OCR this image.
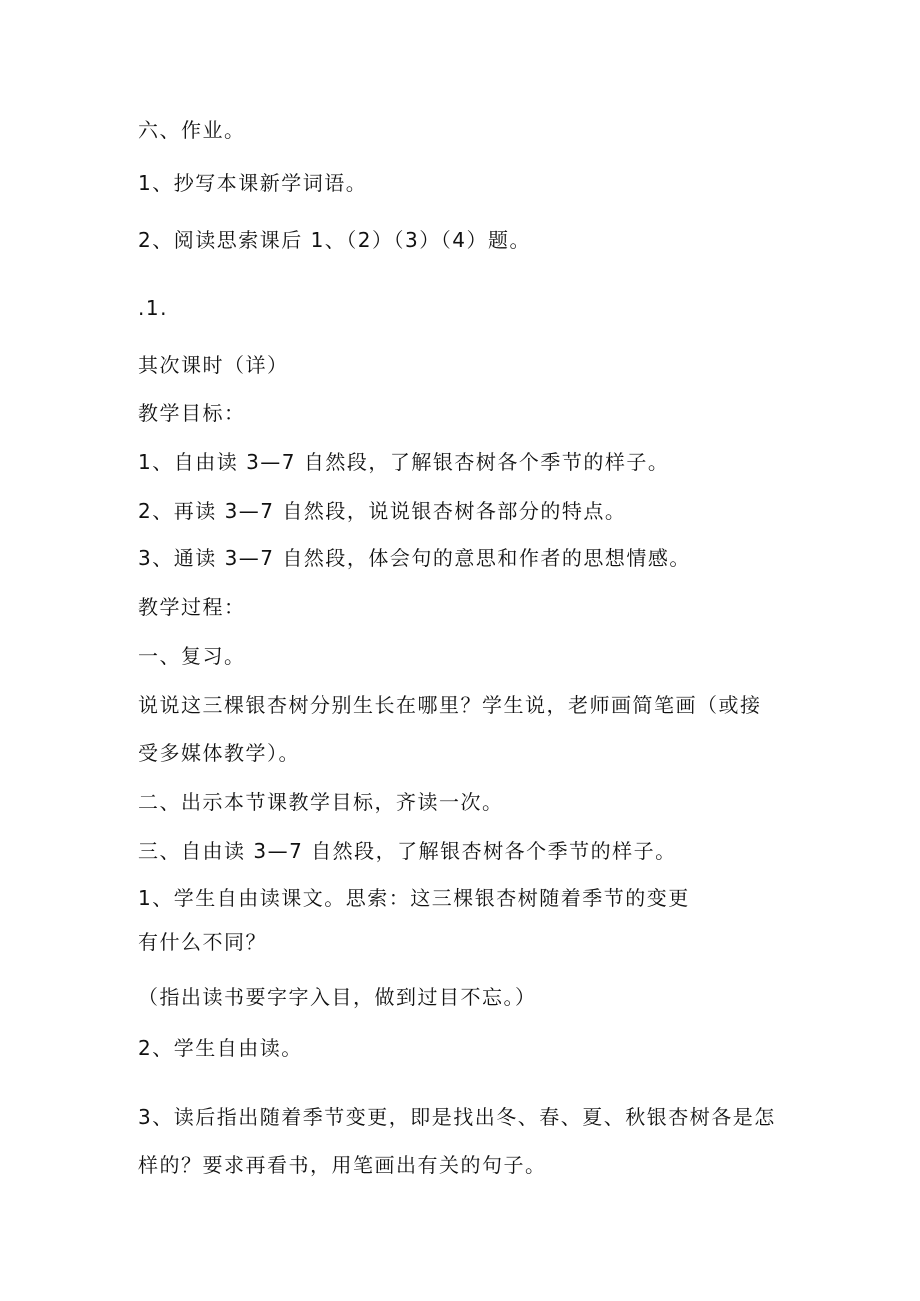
六、作业。
1、抄写本课新学词语。
2、阅读思索课后 1、（2）（3）（4）题。
.1.
其次课时（详）
教学目标：
1、自由读 3—7 自然段，了解银杏树各个季节的样子。
2、再读 3—7 自然段，说说银杏树各部分的特点。
3、通读 3—7 自然段，体会句的意思和作者的思想情感。
教学过程：
一、复习。
说说这三棵银杏树分别生长在哪里？学生说，老师画简笔画（或接
受多媒体教学）。
二、出示本节课教学目标，齐读一次。
三、自由读 3—7 自然段，了解银杏树各个季节的样子。
1、学生自由读课文。思索：这三棵银杏树随着季节的变更
有什么不同？
（指出读书要字字入目，做到过目不忘。）
2、学生自由读。
3、读后指出随着季节变更，即是找出冬、春、夏、秋银杏树各是怎
样的？要求再看书，用笔画出有关的句子。
